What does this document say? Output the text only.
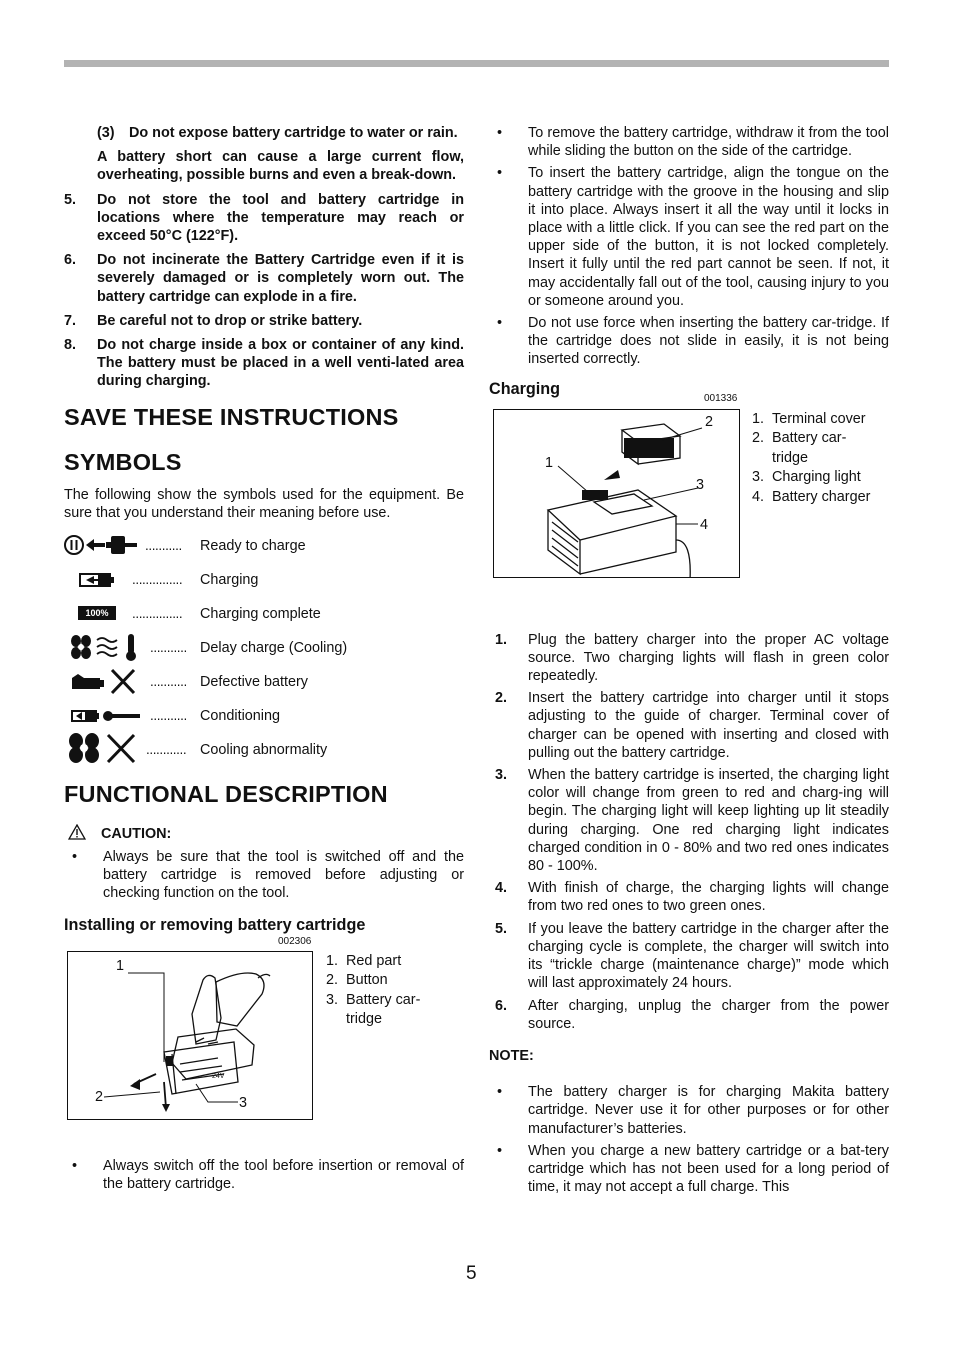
(3) Do not expose battery cartridge to water or rain.

A battery short can cause a large current flow, overheating, possible burns and even a break-down.

5. Do not store the tool and battery cartridge in locations where the temperature may reach or exceed 50°C (122°F).

6. Do not incinerate the Battery Cartridge even if it is severely damaged or is completely worn out. The battery cartridge can explode in a fire.

7. Be careful not to drop or strike battery.

8. Do not charge inside a box or container of any kind. The battery must be placed in a well venti-lated area during charging.

SAVE THESE INSTRUCTIONS
SYMBOLS

The following show the symbols used for the equipment. Be sure that you understand their meaning before use.

........... Ready to charge
............... Charging
100%	............... Charging complete
........... Delay charge (Cooling)
........... Defective battery
........... Conditioning
............ Cooling abnormality
FUNCTIONAL DESCRIPTION
CAUTION:
• Always be sure that the tool is switched off and the battery cartridge is removed before adjusting or checking function on the tool.

Installing or removing battery cartridge
002306
24V
1
2	3
1. Red part
2. Button
3. Battery car-tridge
• Always switch off the tool before insertion or removal of the battery cartridge.

• To remove the battery cartridge, withdraw it from the tool while sliding the button on the side of the cartridge.

• To insert the battery cartridge, align the tongue on the battery cartridge with the groove in the housing and slip it into place. Always insert it all the way until it locks in place with a little click. If you can see the red part on the upper side of the button, it is not locked completely. Insert it fully until the red part cannot be seen. If not, it may accidentally fall out of the tool, causing injury to you or someone around you.

• Do not use force when inserting the battery car-tridge. If the cartridge does not slide in easily, it is not being inserted correctly.

Charging
001336
1
2
3
4
1. Terminal cover
2. Battery car-tridge
3. Charging light
4. Battery charger
1. Plug the battery charger into the proper AC voltage source. Two charging lights will flash in green color repeatedly.

2. Insert the battery cartridge into charger until it stops adjusting to the guide of charger. Terminal cover of charger can be opened with inserting and closed with pulling out the battery cartridge.

3. When the battery cartridge is inserted, the charging light color will change from green to red and charg-ing will begin. The charging light will keep lighting up lit steadily during charging. One red charging light indicates charged condition in 0 - 80% and two red ones indicates 80 - 100%.

4. With finish of charge, the charging lights will change from two red ones to two green ones.

5. If you leave the battery cartridge in the charger after the charging cycle is complete, the charger will switch into its “trickle charge (maintenance charge)” mode which will last approximately 24 hours.

6. After charging, unplug the charger from the power source.

NOTE:

• The battery charger is for charging Makita battery cartridge. Never use it for other purposes or for other manufacturer’s batteries.

• When you charge a new battery cartridge or a bat-tery cartridge which has not been used for a long period of time, it may not accept a full charge. This

5
